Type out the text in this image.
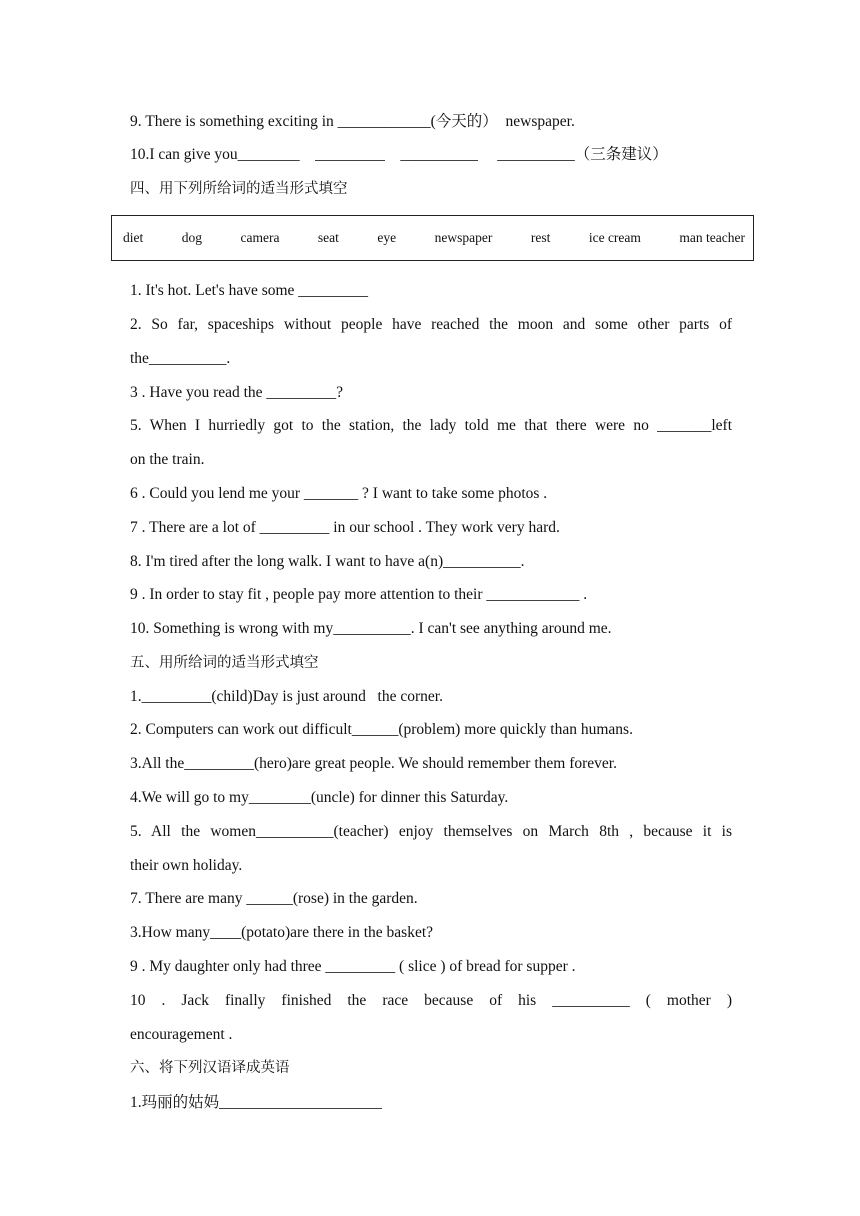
9. There is something exciting in ____________(今天的）  newspaper.
10.I can give you________    _________    __________     __________（三条建议）
四、用下列所给词的适当形式填空
diet	dog	camera	seat	eye	newspaper	rest	ice cream	man teacher
1. It's hot. Let's have some _________
2. So far, spaceships without people have reached the moon and some other parts of
the__________.
3 . Have you read the _________?
5. When I hurriedly got to the station, the lady told me that there were no _______left
on the train.
6 . Could you lend me your _______ ? I want to take some photos .
7 . There are a lot of _________ in our school . They work very hard.
8. I'm tired after the long walk. I want to have a(n)__________.
9 . In order to stay fit , people pay more attention to their ____________ .
10. Something is wrong with my__________. I can't see anything around me.
五、用所给词的适当形式填空
1._________(child)Day is just around   the corner.
2. Computers can work out difficult______(problem) more quickly than humans.
3.All the_________(hero)are great people. We should remember them forever.
4.We will go to my________(uncle) for dinner this Saturday.
5. All the women__________(teacher) enjoy themselves on March 8th , because it is
their own holiday.
7. There are many ______(rose) in the garden.
3.How many____(potato)are there in the basket?
9 . My daughter only had three _________ ( slice ) of bread for supper .
10 . Jack finally finished the race because of his __________ ( mother )
encouragement .
六、将下列汉语译成英语
1.玛丽的姑妈_____________________
